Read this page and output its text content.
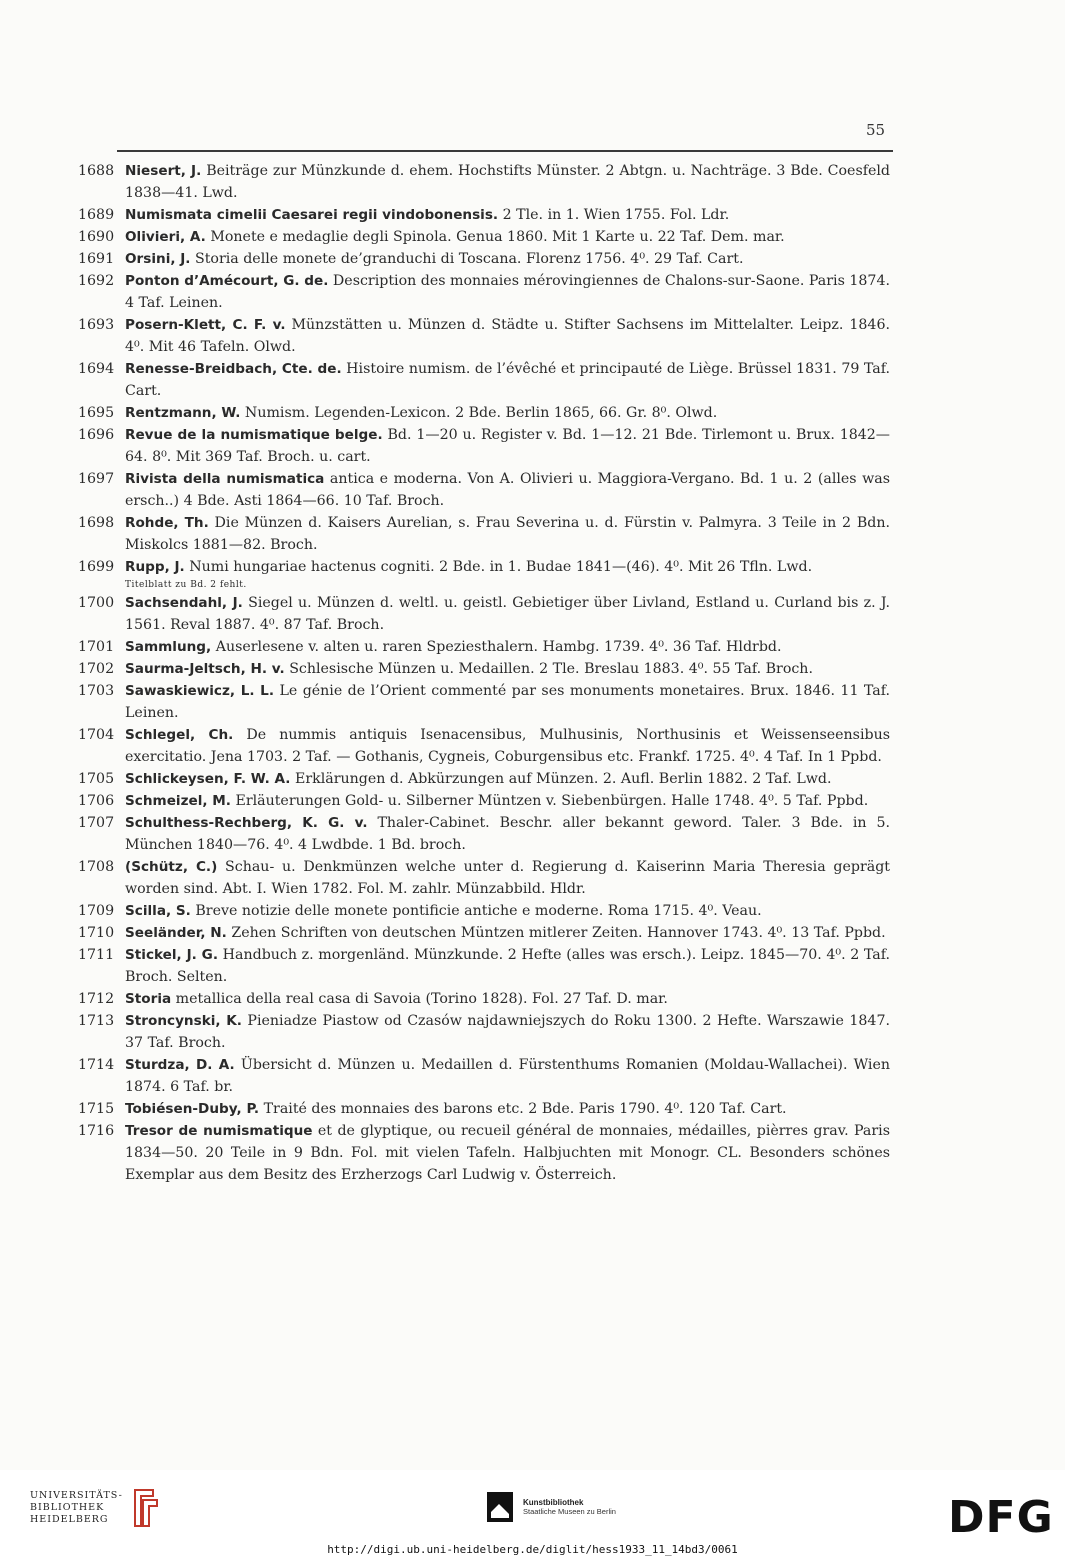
55
1688 Niesert, J. Beiträge zur Münzkunde d. ehem. Hochstifts Münster. 2 Abtgn. u. Nachträge. 3 Bde. Coesfeld 1838—41. Lwd.
1689 Numismata cimelii Caesarei regii vindobonensis. 2 Tle. in 1. Wien 1755. Fol. Ldr.
1690 Olivieri, A. Monete e medaglie degli Spinola. Genua 1860. Mit 1 Karte u. 22 Taf. Dem. mar.
1691 Orsini, J. Storia delle monete de’granduchi di Toscana. Florenz 1756. 4⁰. 29 Taf. Cart.
1692 Ponton d’Amécourt, G. de. Description des monnaies mérovingiennes de Chalons-sur-Saone. Paris 1874. 4 Taf. Leinen.
1693 Posern-Klett, C. F. v. Münzstätten u. Münzen d. Städte u. Stifter Sachsens im Mittelalter. Leipz. 1846. 4⁰. Mit 46 Tafeln. Olwd.
1694 Renesse-Breidbach, Cte. de. Histoire numism. de l’évêché et principauté de Liège. Brüssel 1831. 79 Taf. Cart.
1695 Rentzmann, W. Numism. Legenden-Lexicon. 2 Bde. Berlin 1865, 66. Gr. 8⁰. Olwd.
1696 Revue de la numismatique belge. Bd. 1—20 u. Register v. Bd. 1—12. 21 Bde. Tirlemont u. Brux. 1842—64. 8⁰. Mit 369 Taf. Broch. u. cart.
1697 Rivista della numismatica antica e moderna. Von A. Olivieri u. Maggiora-Vergano. Bd. 1 u. 2 (alles was ersch..) 4 Bde. Asti 1864—66. 10 Taf. Broch.
1698 Rohde, Th. Die Münzen d. Kaisers Aurelian, s. Frau Severina u. d. Fürstin v. Palmyra. 3 Teile in 2 Bdn. Miskolcs 1881—82. Broch.
1699 Rupp, J. Numi hungariae hactenus cogniti. 2 Bde. in 1. Budae 1841—(46). 4⁰. Mit 26 Tfln. Lwd.
Titelblatt zu Bd. 2 fehlt.
1700 Sachsendahl, J. Siegel u. Münzen d. weltl. u. geistl. Gebietiger über Livland, Estland u. Curland bis z. J. 1561. Reval 1887. 4⁰. 87 Taf. Broch.
1701 Sammlung, Auserlesene v. alten u. raren Speziesthalern. Hambg. 1739. 4⁰. 36 Taf. Hldrbd.
1702 Saurma-Jeltsch, H. v. Schlesische Münzen u. Medaillen. 2 Tle. Breslau 1883. 4⁰. 55 Taf. Broch.
1703 Sawaskiewicz, L. L. Le génie de l’Orient commenté par ses monuments monetaires. Brux. 1846. 11 Taf. Leinen.
1704 Schlegel, Ch. De nummis antiquis Isenacensibus, Mulhusinis, Northusinis et Weissenseensibus exercitatio. Jena 1703. 2 Taf. — Gothanis, Cygneis, Coburgensibus etc. Frankf. 1725. 4⁰. 4 Taf. In 1 Ppbd.
1705 Schlickeysen, F. W. A. Erklärungen d. Abkürzungen auf Münzen. 2. Aufl. Berlin 1882. 2 Taf. Lwd.
1706 Schmeizel, M. Erläuterungen Gold- u. Silberner Müntzen v. Siebenbürgen. Halle 1748. 4⁰. 5 Taf. Ppbd.
1707 Schulthess-Rechberg, K. G. v. Thaler-Cabinet. Beschr. aller bekannt geword. Taler. 3 Bde. in 5. München 1840—76. 4⁰. 4 Lwdbde. 1 Bd. broch.
1708 (Schütz, C.) Schau- u. Denkmünzen welche unter d. Regierung d. Kaiserinn Maria Theresia geprägt worden sind. Abt. I. Wien 1782. Fol. M. zahlr. Münzabbild. Hldr.
1709 Scilla, S. Breve notizie delle monete pontificie antiche e moderne. Roma 1715. 4⁰. Veau.
1710 Seeländer, N. Zehen Schriften von deutschen Müntzen mitlerer Zeiten. Hannover 1743. 4⁰. 13 Taf. Ppbd.
1711 Stickel, J. G. Handbuch z. morgenländ. Münzkunde. 2 Hefte (alles was ersch.). Leipz. 1845—70. 4⁰. 2 Taf. Broch. Selten.
1712 Storia metallica della real casa di Savoia (Torino 1828). Fol. 27 Taf. D. mar.
1713 Stroncynski, K. Pieniadze Piastow od Czasów najdawniejszych do Roku 1300. 2 Hefte. Warszawie 1847. 37 Taf. Broch.
1714 Sturdza, D. A. Übersicht d. Münzen u. Medaillen d. Fürstenthums Romanien (Moldau-Wallachei). Wien 1874. 6 Taf. br.
1715 Tobiésen-Duby, P. Traité des monnaies des barons etc. 2 Bde. Paris 1790. 4⁰. 120 Taf. Cart.
1716 Tresor de numismatique et de glyptique, ou recueil général de monnaies, médailles, pièrres grav. Paris 1834—50. 20 Teile in 9 Bdn. Fol. mit vielen Tafeln. Halbjuchten mit Monogr. CL. Besonders schönes Exemplar aus dem Besitz des Erzherzogs Carl Ludwig v. Österreich.
UNIVERSITÄTS-
BIBLIOTHEK
HEIDELBERG
Kunstbibliothek
Staatliche Museen zu Berlin	DFG
http://digi.ub.uni-heidelberg.de/diglit/hess1933_11_14bd3/0061
